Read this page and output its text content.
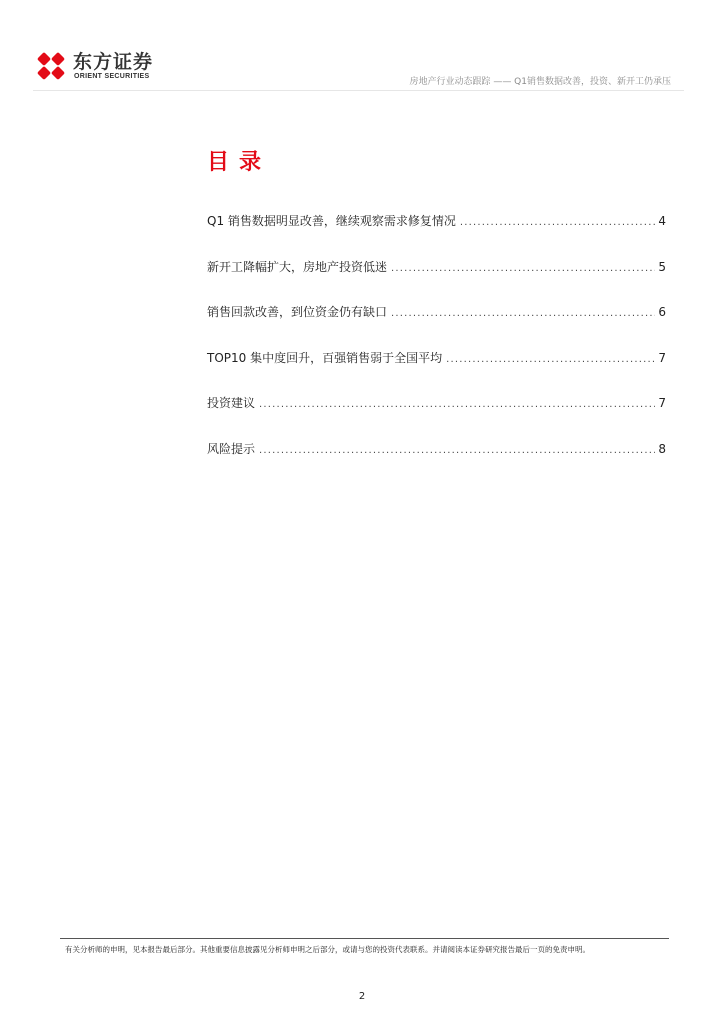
东方证券
ORIENT SECURITIES
房地产行业动态跟踪 —— Q1销售数据改善，投资、新开工仍承压
目录
Q1 销售数据明显改善，继续观察需求修复情况 .....	4
新开工降幅扩大，房地产投资低迷 .....	5
销售回款改善，到位资金仍有缺口 .....	6
TOP10 集中度回升，百强销售弱于全国平均 .....	7
投资建议 .....	7
风险提示 .....	8
有关分析师的申明，见本报告最后部分。其他重要信息披露见分析师申明之后部分，或请与您的投资代表联系。并请阅读本证券研究报告最后一页的免责申明。
2
